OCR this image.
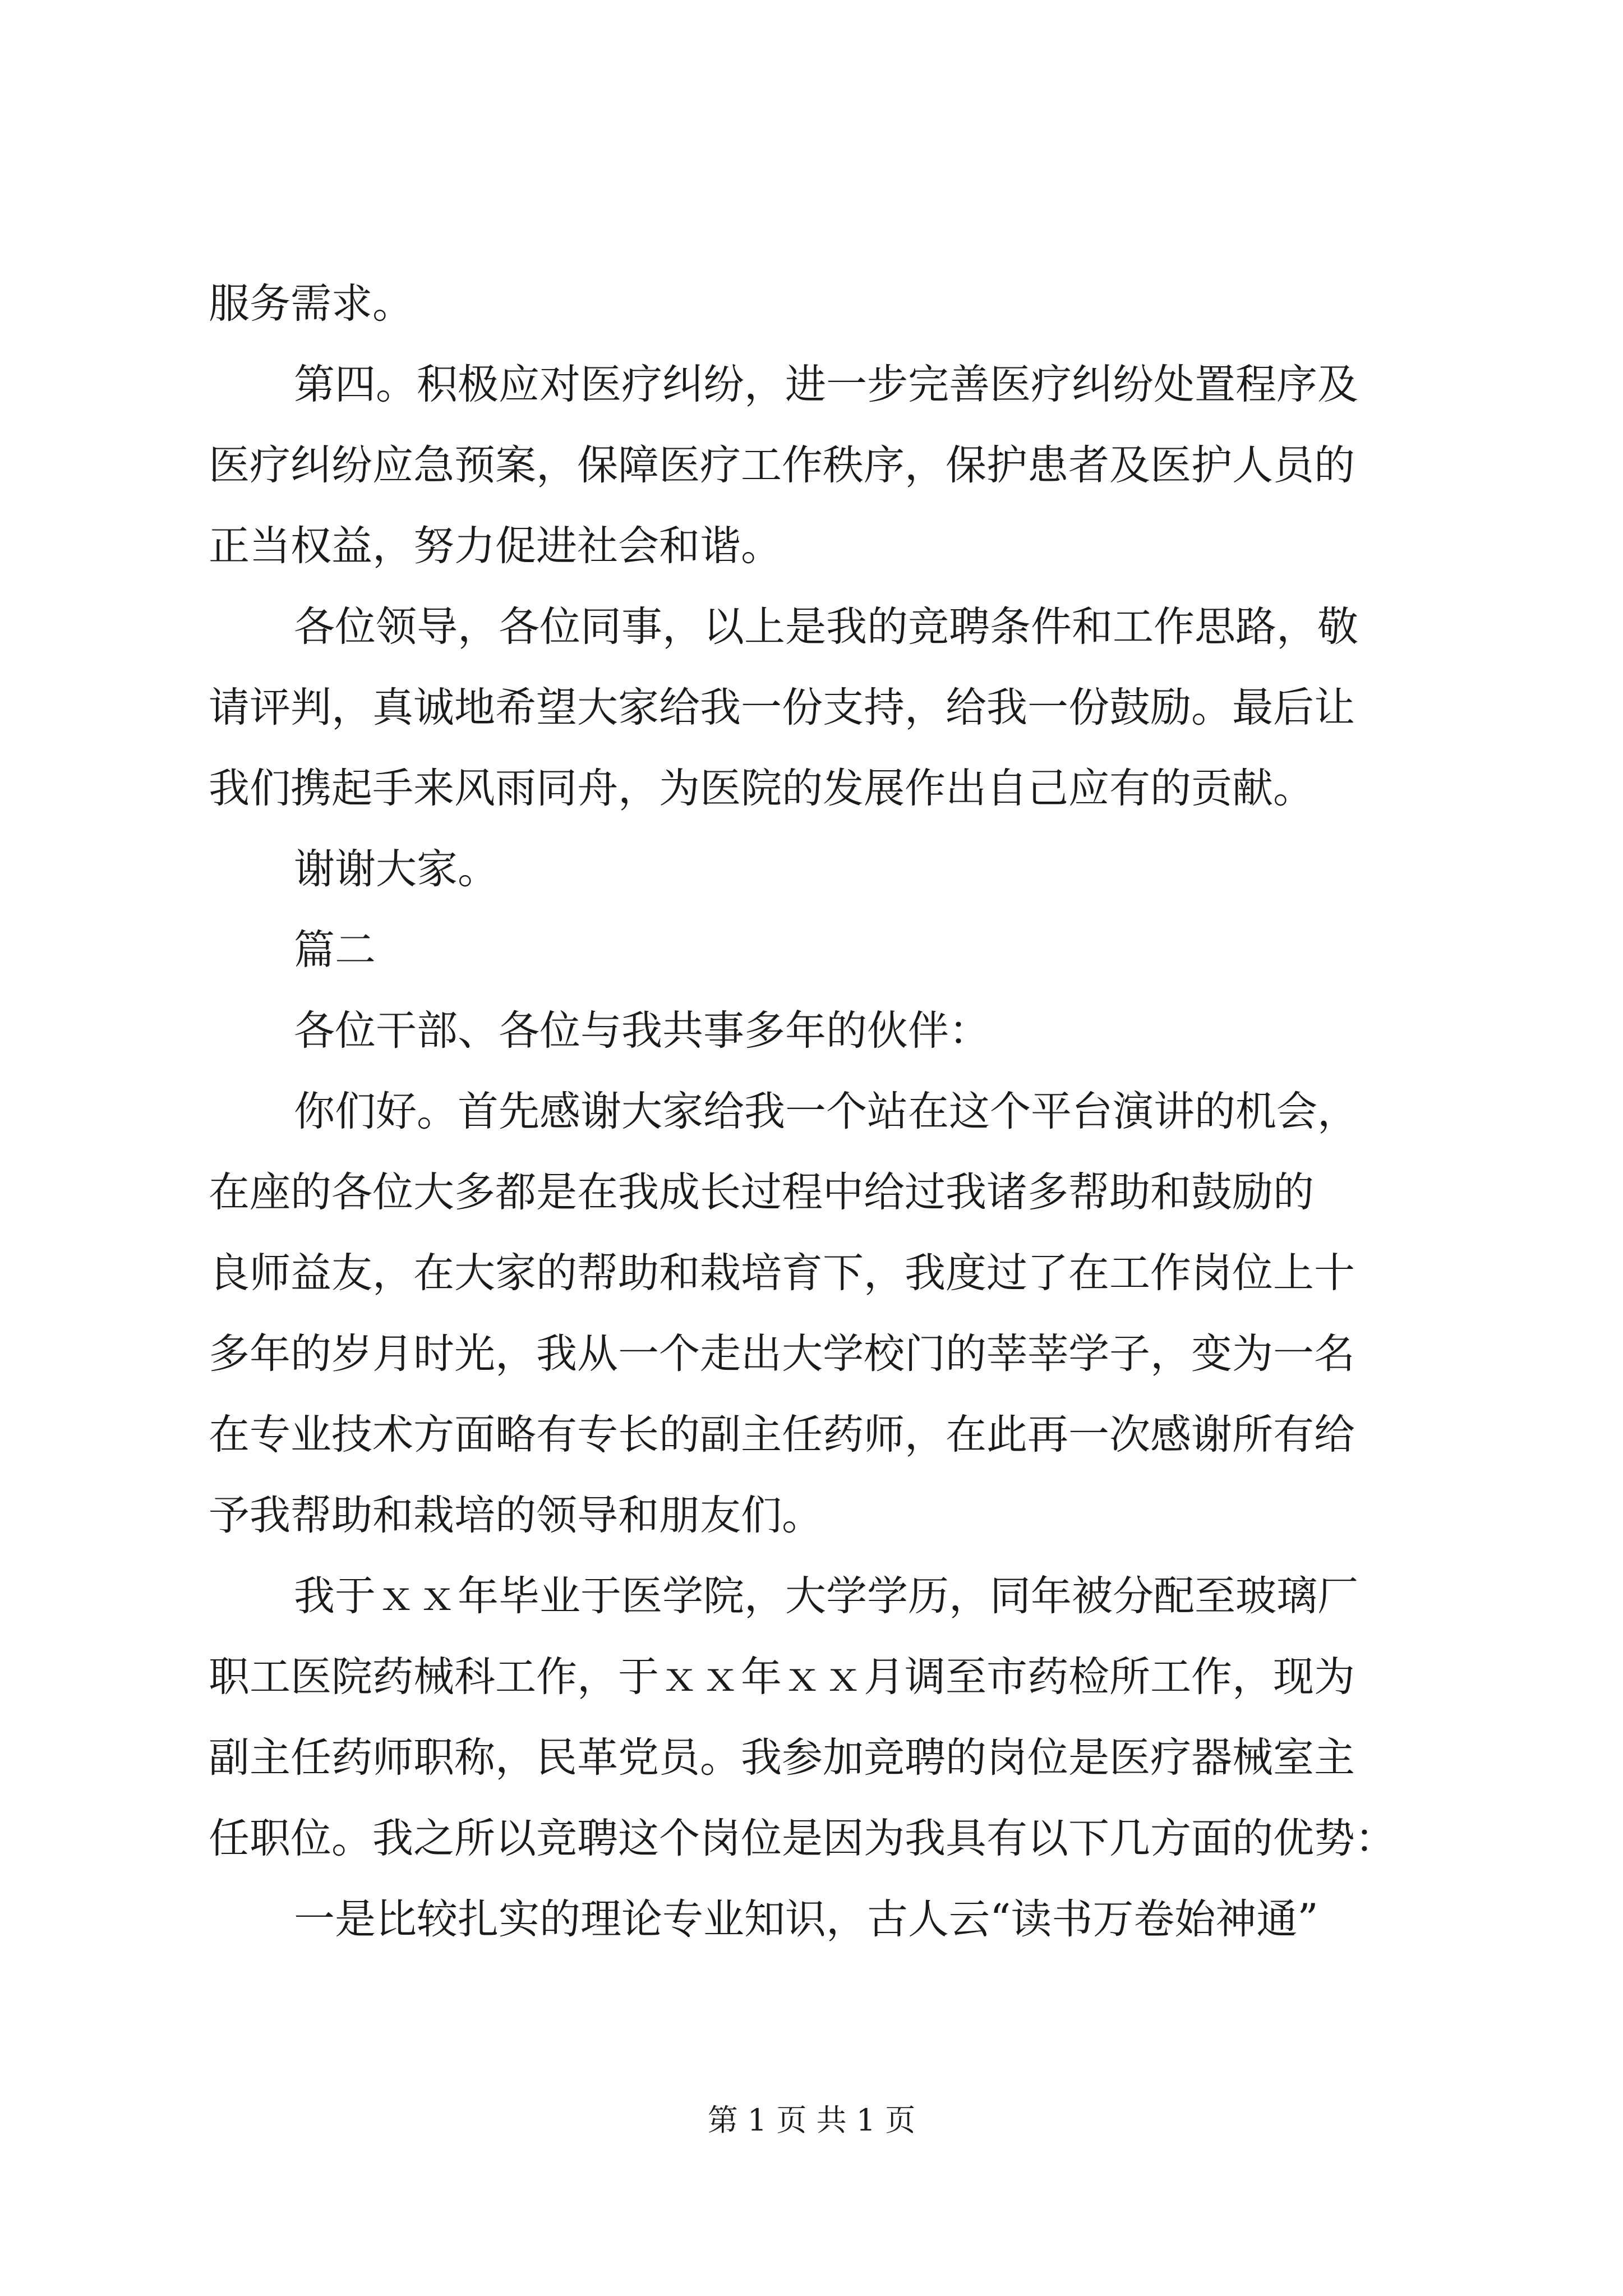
服务需求。
第四。积极应对医疗纠纷，进一步完善医疗纠纷处置程序及
医疗纠纷应急预案，保障医疗工作秩序，保护患者及医护人员的
正当权益，努力促进社会和谐。
各位领导，各位同事，以上是我的竞聘条件和工作思路，敬
请评判，真诚地希望大家给我一份支持，给我一份鼓励。最后让
我们携起手来风雨同舟，为医院的发展作出自己应有的贡献。
谢谢大家。
篇二
各位干部、各位与我共事多年的伙伴：
你们好。首先感谢大家给我一个站在这个平台演讲的机会，
在座的各位大多都是在我成长过程中给过我诸多帮助和鼓励的
良师益友，在大家的帮助和栽培育下，我度过了在工作岗位上十
多年的岁月时光，我从一个走出大学校门的莘莘学子，变为一名
在专业技术方面略有专长的副主任药师，在此再一次感谢所有给
予我帮助和栽培的领导和朋友们。
我于ｘｘ年毕业于医学院，大学学历，同年被分配至玻璃厂
职工医院药械科工作，于ｘｘ年ｘｘ月调至市药检所工作，现为
副主任药师职称，民革党员。我参加竞聘的岗位是医疗器械室主
任职位。我之所以竞聘这个岗位是因为我具有以下几方面的优势：
一是比较扎实的理论专业知识，古人云“读书万卷始神通”
第 1 页 共 1 页
